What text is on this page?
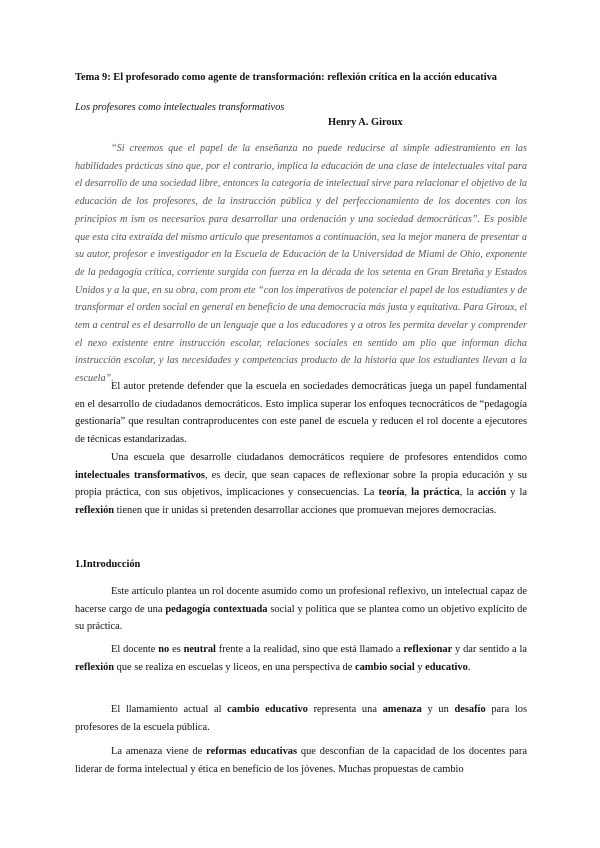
Tema 9: El profesorado como agente de transformación: reflexión crítica en la acción educativa

Los profesores como intelectuales transformativos

Henry A. Giroux

“Si creemos que el papel de la enseñanza no puede reducirse al simple adiestramiento en las habilidades prácticas sino que, por el contrario, implica la educación de una clase de intelectuales vital para el desarrollo de una sociedad libre, entonces la categoría de intelectual sirve para relacionar el objetivo de la educación de los profesores, de la instrucción pública y del perfeccionamiento de los docentes con los principios m ism os necesarios para desarrollar una ordenación y una sociedad democráticas”. Es posible que esta cita extraída del mismo artículo que presentamos a continuación, sea la mejor manera de presentar a su autor, profesor e investigador en la Escuela de Educación de la Universidad de Miami de Ohio, exponente de la pedagogía crítica, corriente surgida con fuerza en la década de los setenta en Gran Bretaña y Estados Unidos y a la que, en su obra, com prom ete “con los imperativos de potenciar el papel de los estudiantes y de transformar el orden social en general en beneficio de una democracia más justa y equitativa. Para Giroux, el tem a central es el desarrollo de un lenguaje que a los educadores y a otros les permita develar y comprender el nexo existente entre instrucción escolar, relaciones sociales en sentido am plio que informan dicha instrucción escolar, y las necesidades y competencias producto de la historia que los estudiantes llevan a la escuela”.

El autor pretende defender que la escuela en sociedades democráticas juega un papel fundamental en el desarrollo de ciudadanos democráticos. Esto implica superar los enfoques tecnocráticos de “pedagogía gestionaría” que resultan contraproducentes con este panel de escuela y reducen el rol docente a ejecutores de técnicas estandarizadas.

Una escuela que desarrolle ciudadanos democráticos requiere de profesores entendidos como intelectuales transformativos, es decir, que sean capaces de reflexionar sobre la propia educación y su propia práctica, con sus objetivos, implicaciones y consecuencias. La teoría, la práctica, la acción y la reflexión tienen que ir unidas si pretenden desarrollar acciones que promuevan mejores democracias.

1.Introducción

Este artículo plantea un rol docente asumido como un profesional reflexivo, un intelectual capaz de hacerse cargo de una pedagogía contextuada social y política que se plantea como un objetivo explícito de su práctica.

El docente no es neutral frente a la realidad, sino que está llamado a reflexionar y dar sentido a la reflexión que se realiza en escuelas y liceos, en una perspectiva de cambio social y educativo.

El llamamiento actual al cambio educativo representa una amenaza y un desafío para los profesores de la escuela pública.

La amenaza viene de reformas educativas que desconfían de la capacidad de los docentes para liderar de forma intelectual y ética en beneficio de los jóvenes. Muchas propuestas de cambio
